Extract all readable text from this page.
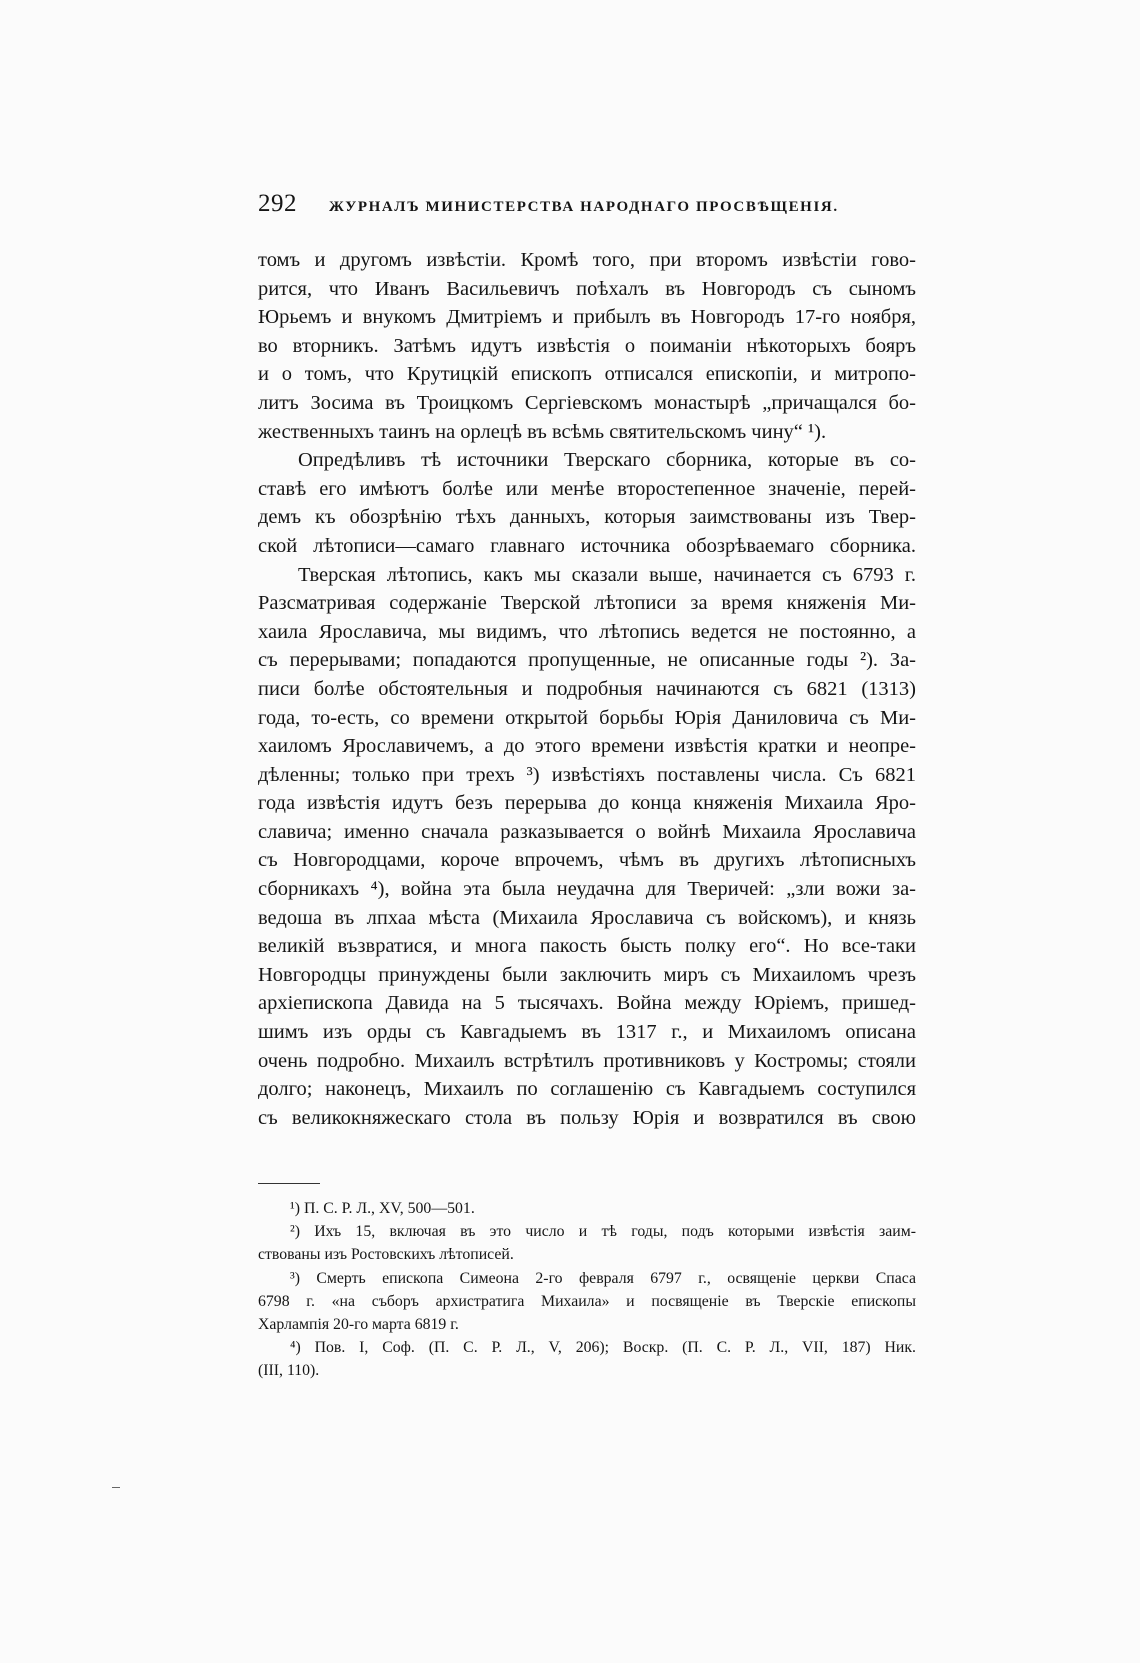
292 ЖУРНАЛЪ МИНИСТЕРСТВА НАРОДНАГО ПРОСВѢЩЕНІЯ.

томъ и другомъ извѣстіи. Кромѣ того, при второмъ извѣстіи гово-
рится, что Иванъ Васильевичъ поѣхалъ въ Новгородъ съ сыномъ
Юрьемъ и внукомъ Дмитріемъ и прибылъ въ Новгородъ 17-го ноября,
во вторникъ. Затѣмъ идутъ извѣстія о поиманіи нѣкоторыхъ бояръ
и о томъ, что Крутицкій епископъ отписался епископіи, и митропо-
литъ Зосима въ Троицкомъ Сергіевскомъ монастырѣ „причащался бо-
жественныхъ таинъ на орлецѣ въ всѣмь святительскомъ чину“ ¹).

Опредѣливъ тѣ источники Тверскаго сборника, которые въ со-
ставѣ его имѣютъ болѣе или менѣе второстепенное значеніе, перей-
демъ къ обозрѣнію тѣхъ данныхъ, которыя заимствованы изъ Твер-
ской лѣтописи—самаго главнаго источника обозрѣваемаго сборника.

Тверская лѣтопись, какъ мы сказали выше, начинается съ 6793 г.
Разсматривая содержаніе Тверской лѣтописи за время княженія Ми-
хаила Ярославича, мы видимъ, что лѣтопись ведется не постоянно, а
съ перерывами; попадаются пропущенные, не описанные годы ²). За-
писи болѣе обстоятельныя и подробныя начинаются съ 6821 (1313)
года, то-есть, со времени открытой борьбы Юрія Даниловича съ Ми-
хаиломъ Ярославичемъ, а до этого времени извѣстія кратки и неопре-
дѣленны; только при трехъ ³) извѣстіяхъ поставлены числа. Съ 6821
года извѣстія идутъ безъ перерыва до конца княженія Михаила Яро-
славича; именно сначала разказывается о войнѣ Михаила Ярославича
съ Новгородцами, короче впрочемъ, чѣмъ въ другихъ лѣтописныхъ
сборникахъ ⁴), война эта была неудачна для Тверичей: „зли вожи за-
ведоша въ лпхаа мѣста (Михаила Ярославича съ войскомъ), и князь
великій възвратися, и многа пакость бысть полку его“. Но все-таки
Новгородцы принуждены были заключить миръ съ Михаиломъ чрезъ
архіепископа Давида на 5 тысячахъ. Война между Юріемъ, пришед-
шимъ изъ орды съ Кавгадыемъ въ 1317 г., и Михаиломъ описана
очень подробно. Михаилъ встрѣтилъ противниковъ у Костромы; стояли
долго; наконецъ, Михаилъ по соглашенію съ Кавгадыемъ соступился
съ великокняжескаго стола въ пользу Юрія и возвратился въ свою

¹) П. С. Р. Л., XV, 500—501.
²) Ихъ 15, включая въ это число и тѣ годы, подъ которыми извѣстія заим-
ствованы изъ Ростовскихъ лѣтописей.
³) Смерть епископа Симеона 2-го февраля 6797 г., освященіе церкви Спаса
6798 г. «на съборъ архистратига Михаила» и посвященіе въ Тверскіе епископы
Харлампія 20-го марта 6819 г.
⁴) Пов. I, Соф. (П. С. Р. Л., V, 206); Воскр. (П. С. Р. Л., VII, 187) Ник.
(III, 110).
